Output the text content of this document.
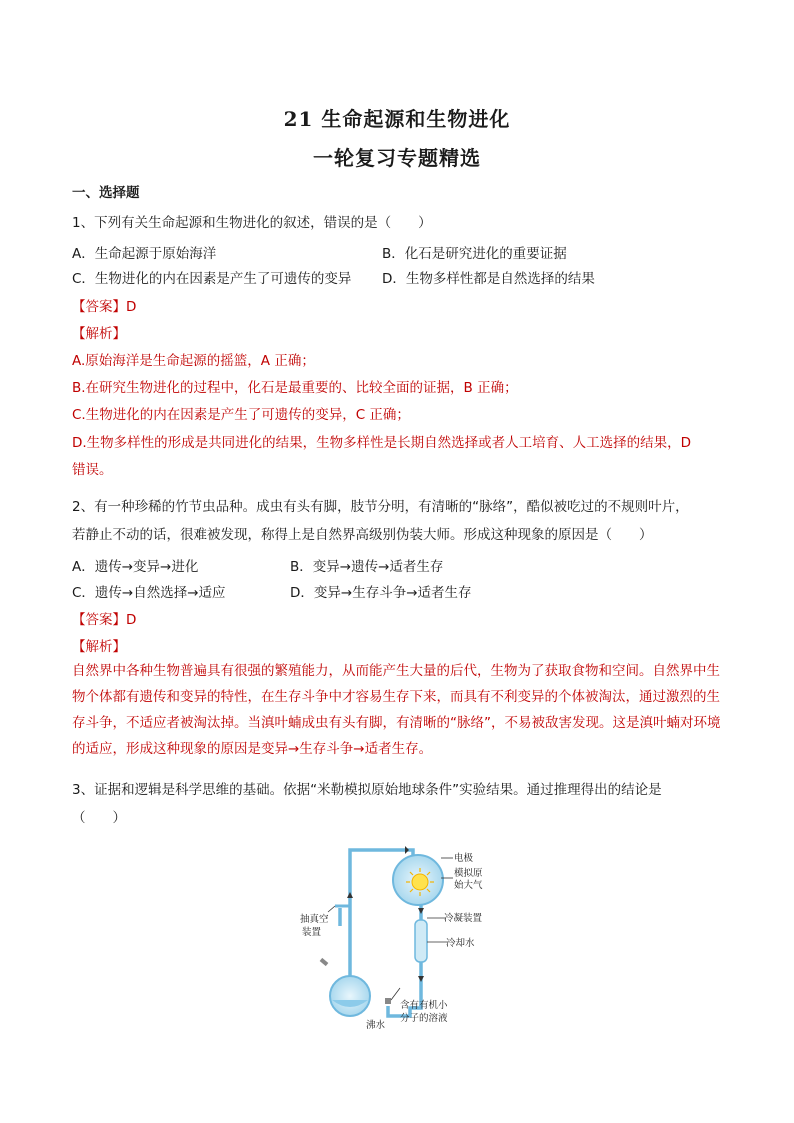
21 生命起源和生物进化
一轮复习专题精选
一、选择题
1、下列有关生命起源和生物进化的叙述，错误的是（　　）
A．生命起源于原始海洋	B．化石是研究进化的重要证据
C．生物进化的内在因素是产生了可遗传的变异 D．生物多样性都是自然选择的结果
【答案】D
【解析】
A.原始海洋是生命起源的摇篮，A 正确；
B.在研究生物进化的过程中，化石是最重要的、比较全面的证据，B 正确；
C.生物进化的内在因素是产生了可遗传的变异，C 正确；
D.生物多样性的形成是共同进化的结果，生物多样性是长期自然选择或者人工培育、人工选择的结果，D
错误。
2、有一种珍稀的竹节虫品种。成虫有头有脚，肢节分明，有清晰的“脉络”，酷似被吃过的不规则叶片，
若静止不动的话，很难被发现，称得上是自然界高级别伪装大师。形成这种现象的原因是（　　）
A．遗传→变异→进化	B．变异→遗传→适者生存
C．遗传→自然选择→适应	D．变异→生存斗争→适者生存
【答案】D
【解析】
自然界中各种生物普遍具有很强的繁殖能力，从而能产生大量的后代，生物为了获取食物和空间。自然界中生物个体都有遗传和变异的特性，在生存斗争中才容易生存下来，而具有不利变异的个体被淘汰，通过激烈的生存斗争，不适应者被淘汰掉。当滇叶蝻成虫有头有脚，有清晰的“脉络”，不易被敌害发现。这是滇叶蝻对环境的适应，形成这种现象的原因是变异→生存斗争→适者生存。
3、证据和逻辑是科学思维的基础。依据“米勒模拟原始地球条件”实验结果。通过推理得出的结论是
（　　）
电极
模拟原
始大气
冷凝装置
冷却水
抽真空
装置
沸水
含有有机小
分子的溶液
